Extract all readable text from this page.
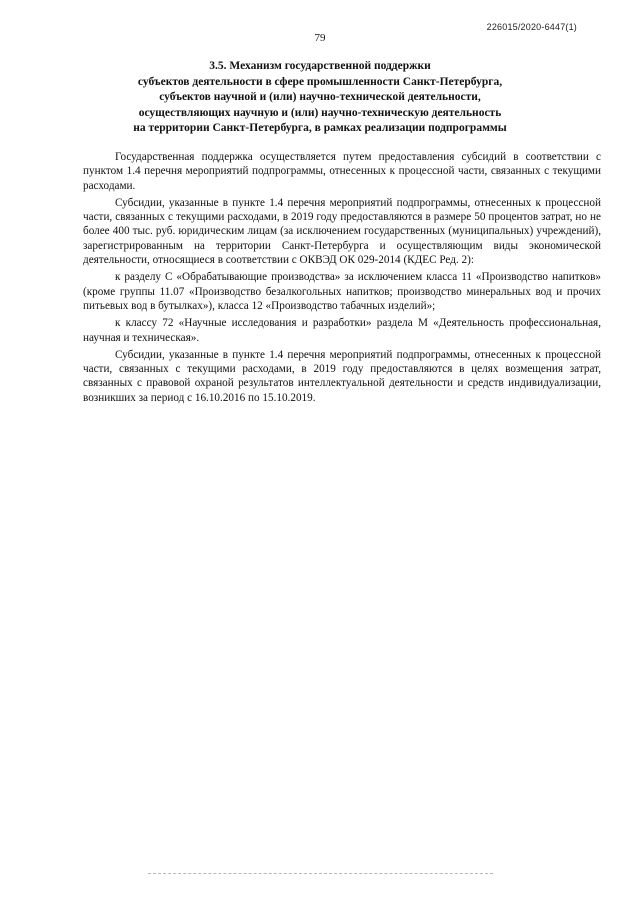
226015/2020-6447(1)
79
3.5. Механизм государственной поддержки
субъектов деятельности в сфере промышленности Санкт-Петербурга,
субъектов научной и (или) научно-технической деятельности,
осуществляющих научную и (или) научно-техническую деятельность
на территории Санкт-Петербурга, в рамках реализации подпрограммы

Государственная поддержка осуществляется путем предоставления субсидий в соответствии с пунктом 1.4 перечня мероприятий подпрограммы, отнесенных к процессной части, связанных с текущими расходами.

Субсидии, указанные в пункте 1.4 перечня мероприятий подпрограммы, отнесенных к процессной части, связанных с текущими расходами, в 2019 году предоставляются в размере 50 процентов затрат, но не более 400 тыс. руб. юридическим лицам (за исключением государственных (муниципальных) учреждений), зарегистрированным на территории Санкт-Петербурга и осуществляющим виды экономической деятельности, относящиеся в соответствии с ОКВЭД ОК 029-2014 (КДЕС Ред. 2):

к разделу С «Обрабатывающие производства» за исключением класса 11 «Производство напитков» (кроме группы 11.07 «Производство безалкогольных напитков; производство минеральных вод и прочих питьевых вод в бутылках»), класса 12 «Производство табачных изделий»;

к классу 72 «Научные исследования и разработки» раздела М «Деятельность профессиональная, научная и техническая».

Субсидии, указанные в пункте 1.4 перечня мероприятий подпрограммы, отнесенных к процессной части, связанных с текущими расходами, в 2019 году предоставляются в целях возмещения затрат, связанных с правовой охраной результатов интеллектуальной деятельности и средств индивидуализации, возникших за период с 16.10.2016 по 15.10.2019.
